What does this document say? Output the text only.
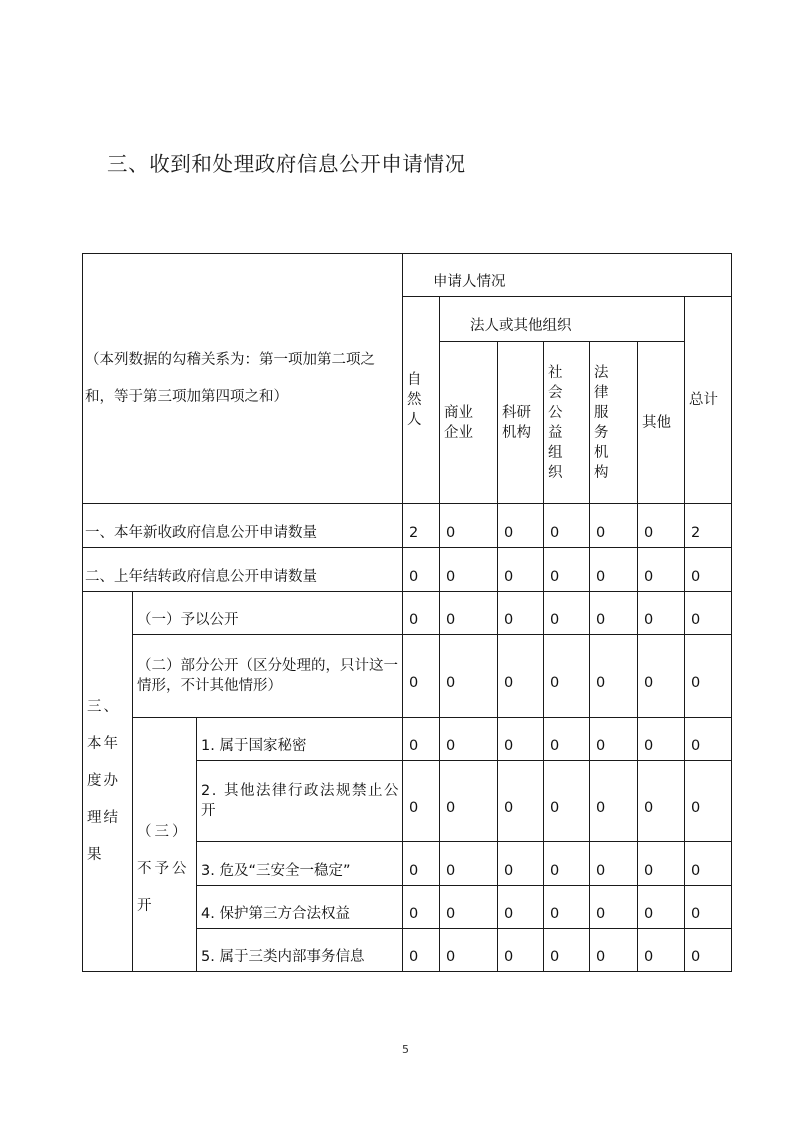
三、收到和处理政府信息公开申请情况
（本列数据的勾稽关系为：第一项加第二项之和，等于第三项加第四项之和）			申请人情况						

			自然人	法人或其他组织					总计

				商业企业	科研机构	社会公益组织	法律服务机构	其他	
一、本年新收政府信息公开申请数量			2	0	0	0	0	0	2
二、上年结转政府信息公开申请数量			0	0	0	0	0	0	0

三、本年度办理结果	（一）予以公开		0	0	0	0	0	0	0
	（二）部分公开（区分处理的，只计这一情形，不计其他情形）		0	0	0	0	0	0	0

	（三）不予公开	1. 属于国家秘密	0	0	0	0	0	0	0
		2. 其他法律行政法规禁止公开	0	0	0	0	0	0	0
		3. 危及“三安全一稳定”	0	0	0	0	0	0	0
		4. 保护第三方合法权益	0	0	0	0	0	0	0
		5. 属于三类内部事务信息	0	0	0	0	0	0	0
5
